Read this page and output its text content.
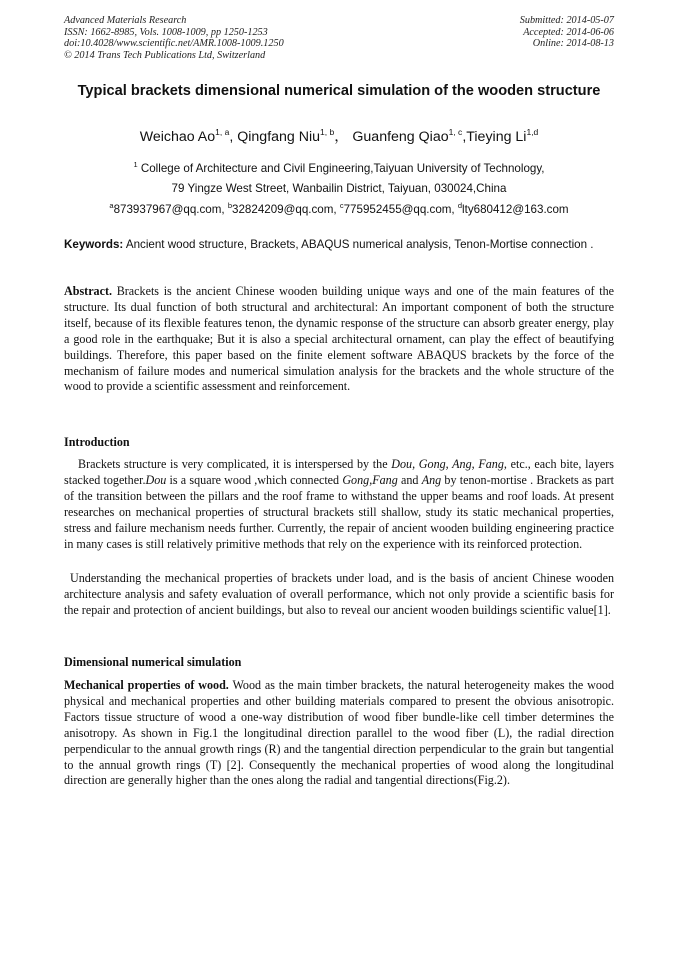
Advanced Materials Research
ISSN: 1662-8985, Vols. 1008-1009, pp 1250-1253
doi:10.4028/www.scientific.net/AMR.1008-1009.1250
© 2014 Trans Tech Publications Ltd, Switzerland
Submitted: 2014-05-07
Accepted: 2014-06-06
Online: 2014-08-13
Typical brackets dimensional numerical simulation of the wooden structure
Weichao Ao$^{1, a}$, Qingfang Niu$^{1, b}$， Guanfeng Qiao$^{1, c}$,Tieying Li$^{1,d}$
$^1$ College of Architecture and Civil Engineering,Taiyuan University of Technology,
79 Yingze West Street, Wanbailin District, Taiyuan, 030024,China
$^a$873937967@qq.com, $^b$32824209@qq.com, $^c$775952455@qq.com, $^d$lty680412@163.com
Keywords: Ancient wood structure, Brackets, ABAQUS numerical analysis, Tenon-Mortise connection .

Abstract. Brackets is the ancient Chinese wooden building unique ways and one of the main features of the structure. Its dual function of both structural and architectural: An important component of both the structure itself, because of its flexible features tenon, the dynamic response of the structure can absorb greater energy, play a good role in the earthquake; But it is also a special architectural ornament, can play the effect of beautifying buildings. Therefore, this paper based on the finite element software ABAQUS brackets by the force of the mechanism of failure modes and numerical simulation analysis for the brackets and the whole structure of the wood to provide a scientific assessment and reinforcement.

Introduction

Brackets structure is very complicated, it is interspersed by the Dou, Gong, Ang, Fang, etc., each bite, layers stacked together.Dou is a square wood ,which connected Gong,Fang and Ang by tenon-mortise . Brackets as part of the transition between the pillars and the roof frame to withstand the upper beams and roof loads. At present researches on mechanical properties of structural brackets still shallow, study its static mechanical properties, stress and failure mechanism needs further. Currently, the repair of ancient wooden building engineering practice in many cases is still relatively primitive methods that rely on the experience with its reinforced protection.

Understanding the mechanical properties of brackets under load, and is the basis of ancient Chinese wooden architecture analysis and safety evaluation of overall performance, which not only provide a scientific basis for the repair and protection of ancient buildings, but also to reveal our ancient wooden buildings scientific value[1].

Dimensional numerical simulation

Mechanical properties of wood. Wood as the main timber brackets, the natural heterogeneity makes the wood physical and mechanical properties and other building materials compared to present the obvious anisotropic. Factors tissue structure of wood a one-way distribution of wood fiber bundle-like cell timber determines the anisotropy. As shown in Fig.1 the longitudinal direction parallel to the wood fiber (L), the radial direction perpendicular to the annual growth rings (R) and the tangential direction perpendicular to the grain but tangential to the annual growth rings (T) [2]. Consequently the mechanical properties of wood along the longitudinal direction are generally higher than the ones along the radial and tangential directions(Fig.2).
